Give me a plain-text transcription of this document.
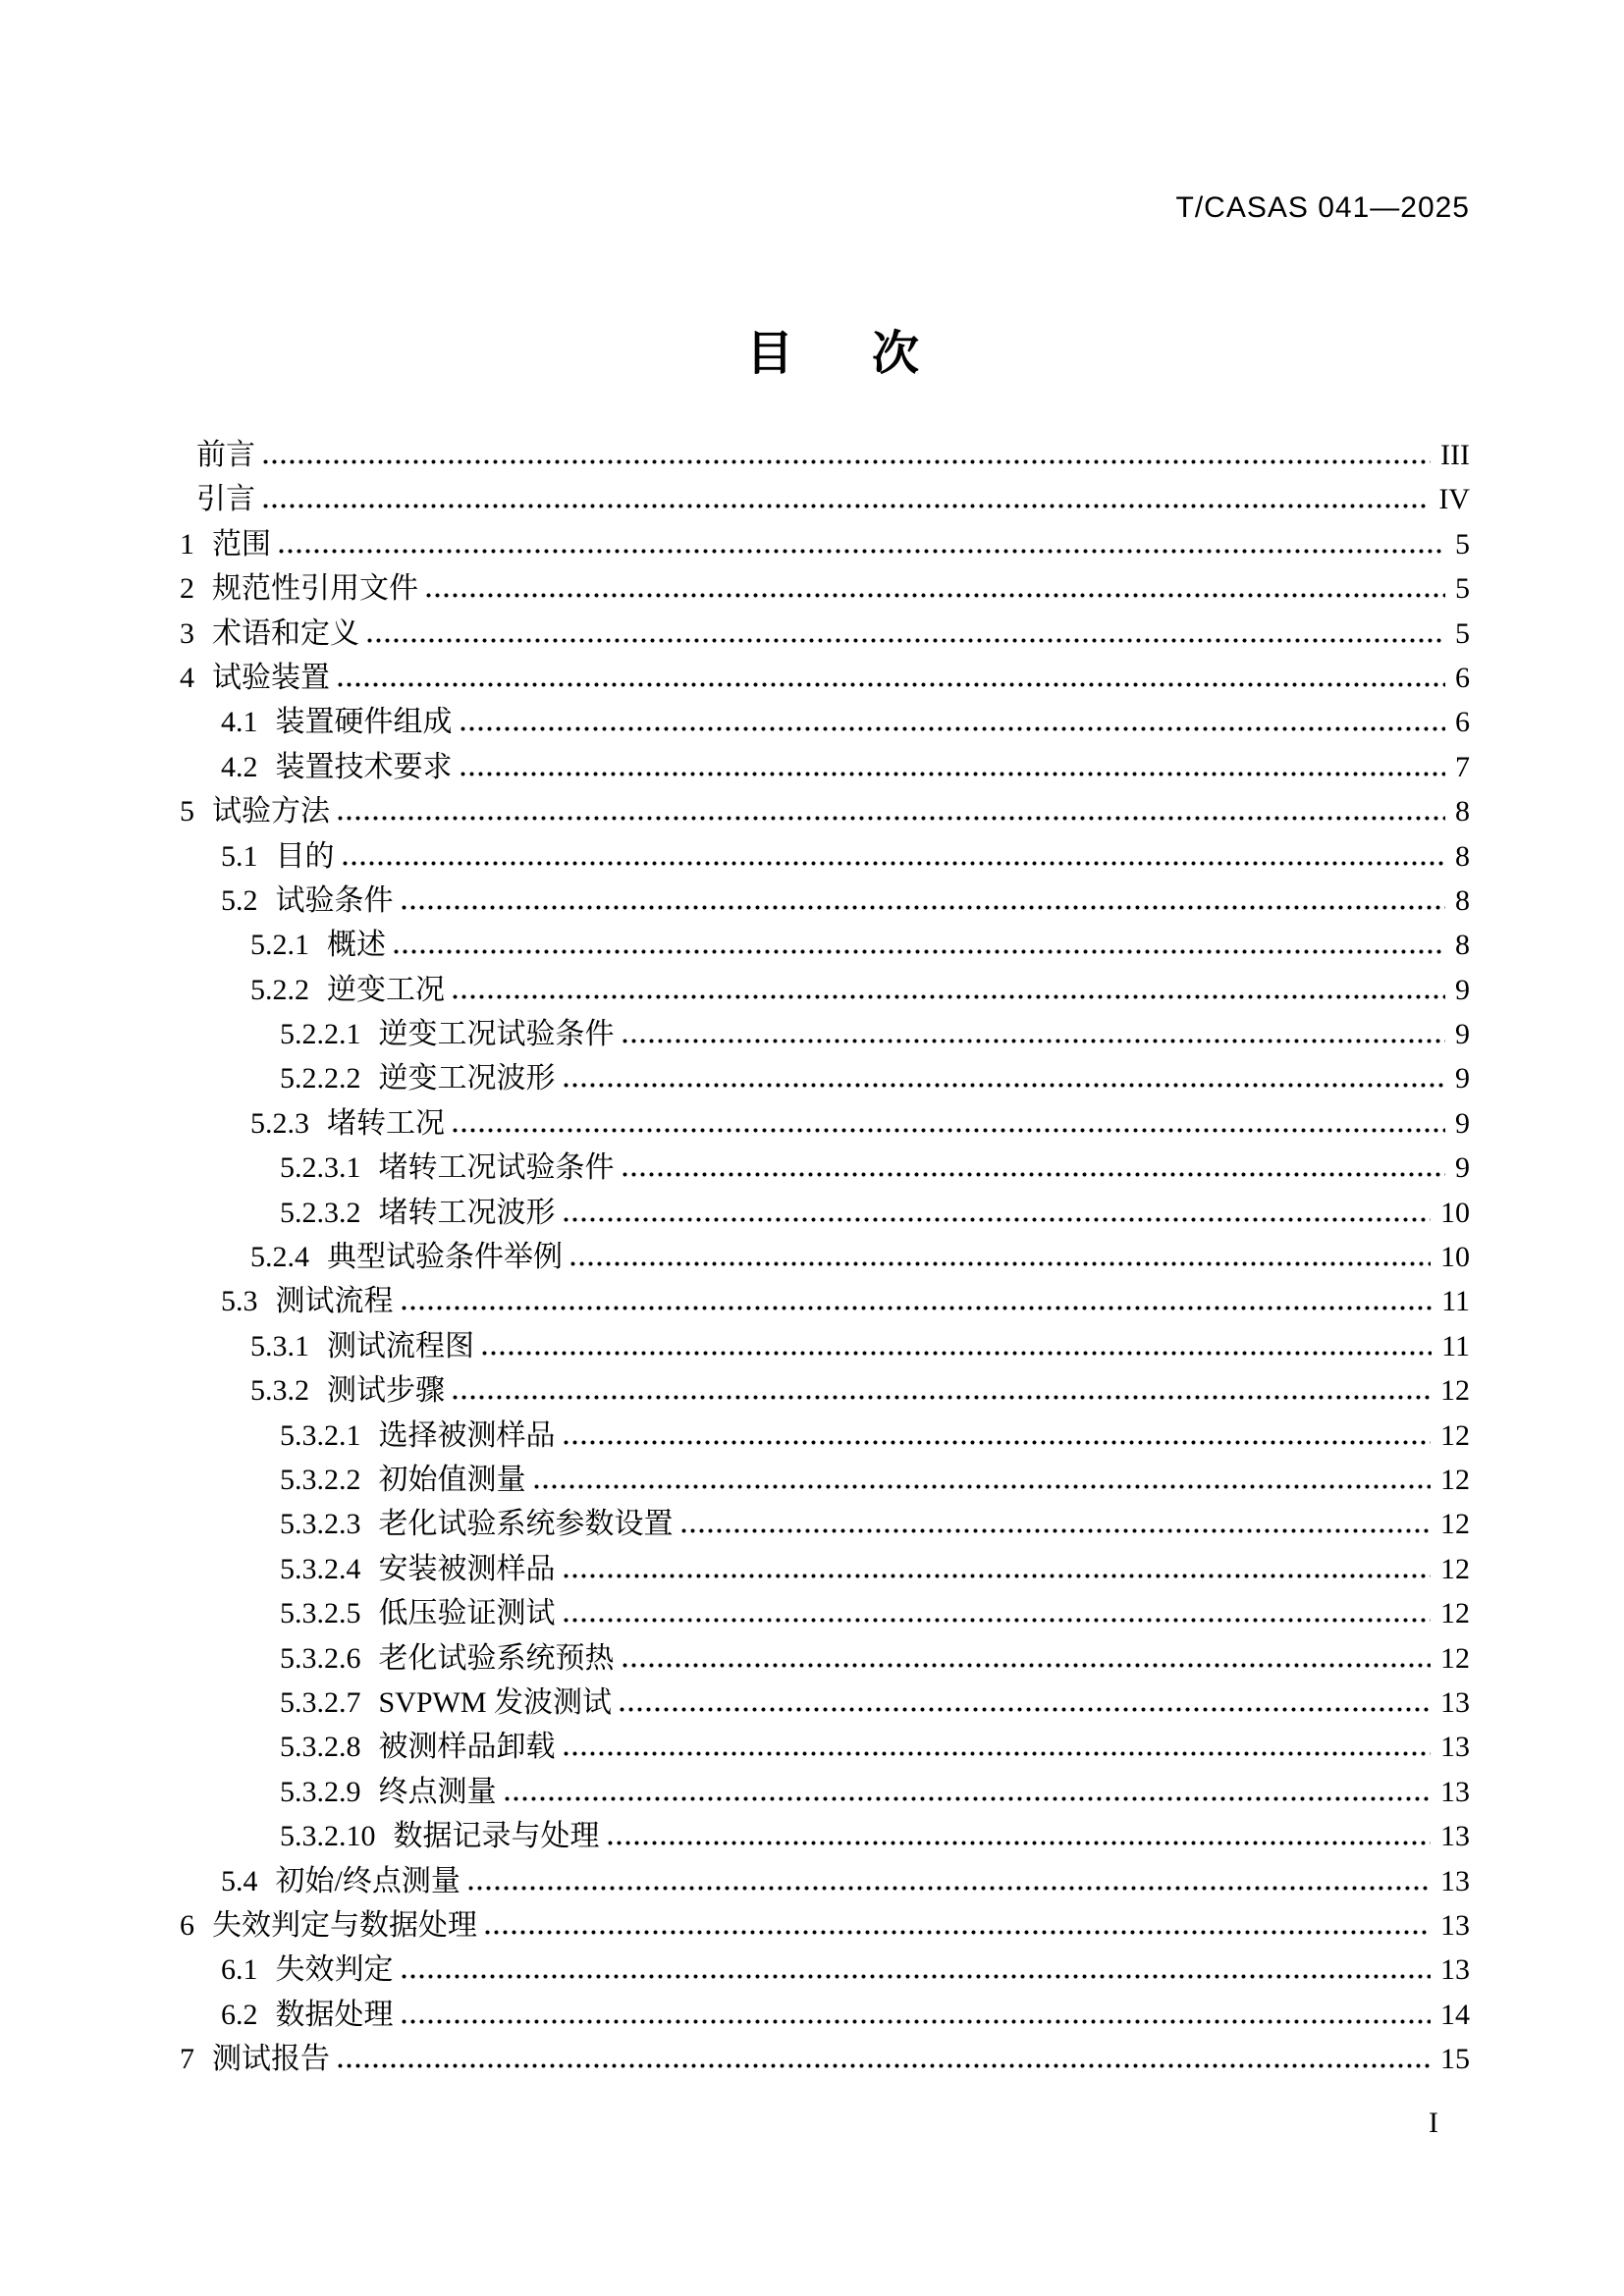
T/CASAS 041—2025
目 次
前言	III
引言	IV
1 范围	5
2 规范性引用文件	5
3 术语和定义	5
4 试验装置	6
4.1 装置硬件组成	6
4.2 装置技术要求	7
5 试验方法	8
5.1 目的	8
5.2 试验条件	8
5.2.1 概述	8
5.2.2 逆变工况	9
5.2.2.1 逆变工况试验条件	9
5.2.2.2 逆变工况波形	9
5.2.3 堵转工况	9
5.2.3.1 堵转工况试验条件	9
5.2.3.2 堵转工况波形	10
5.2.4 典型试验条件举例	10
5.3 测试流程	11
5.3.1 测试流程图	11
5.3.2 测试步骤	12
5.3.2.1 选择被测样品	12
5.3.2.2 初始值测量	12
5.3.2.3 老化试验系统参数设置	12
5.3.2.4 安装被测样品	12
5.3.2.5 低压验证测试	12
5.3.2.6 老化试验系统预热	12
5.3.2.7 SVPWM 发波测试	13
5.3.2.8 被测样品卸载	13
5.3.2.9 终点测量	13
5.3.2.10 数据记录与处理	13
5.4 初始/终点测量	13
6 失效判定与数据处理	13
6.1 失效判定	13
6.2 数据处理	14
7 测试报告	15
I
